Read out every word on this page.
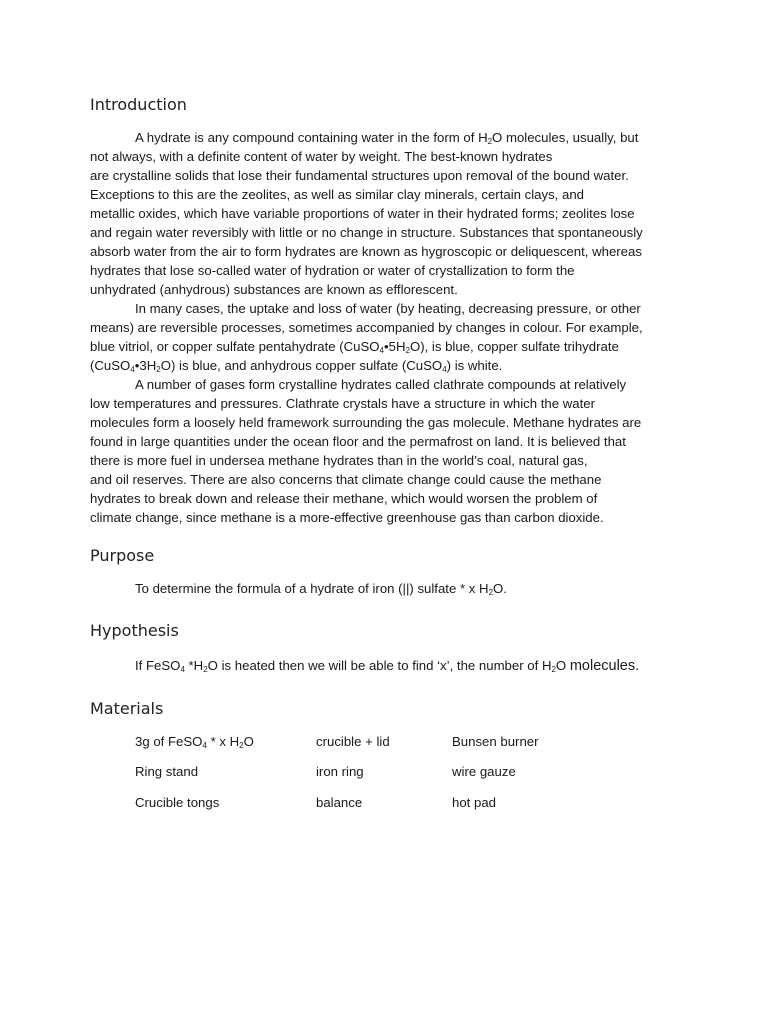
Introduction
A hydrate is any compound containing water in the form of $H_2O$ molecules, usually, but
not always, with a definite content of water by weight. The best-known hydrates
are crystalline solids that lose their fundamental structures upon removal of the bound water.
Exceptions to this are the zeolites, as well as similar clay minerals, certain clays, and
metallic oxides, which have variable proportions of water in their hydrated forms; zeolites lose
and regain water reversibly with little or no change in structure. Substances that spontaneously
absorb water from the air to form hydrates are known as hygroscopic or deliquescent, whereas
hydrates that lose so-called water of hydration or water of crystallization to form the
unhydrated (anhydrous) substances are known as efflorescent.
In many cases, the uptake and loss of water (by heating, decreasing pressure, or other
means) are reversible processes, sometimes accompanied by changes in colour. For example,
blue vitriol, or copper sulfate pentahydrate $(CuSO_4•5H_2O)$, is blue, copper sulfate trihydrate
$(CuSO_4•3H_2O)$ is blue, and anhydrous copper sulfate (CuSO$_4$) is white.
A number of gases form crystalline hydrates called clathrate compounds at relatively
low temperatures and pressures. Clathrate crystals have a structure in which the water
molecules form a loosely held framework surrounding the gas molecule. Methane hydrates are
found in large quantities under the ocean floor and the permafrost on land. It is believed that
there is more fuel in undersea methane hydrates than in the world’s coal, natural gas,
and oil reserves. There are also concerns that climate change could cause the methane
hydrates to break down and release their methane, which would worsen the problem of
climate change, since methane is a more-effective greenhouse gas than carbon dioxide.
Purpose
To determine the formula of a hydrate of iron (||) sulfate * x $H_2O$.
Hypothesis
If FeSO$_4$ $*H_2O$ is heated then we will be able to find ‘x’, the number of $H_2O$ molecules.
Materials
3g of FeSO$_4$ * x $H_2O$	crucible + lid	Bunsen burner
Ring stand	iron ring	wire gauze
Crucible tongs	balance	hot pad
